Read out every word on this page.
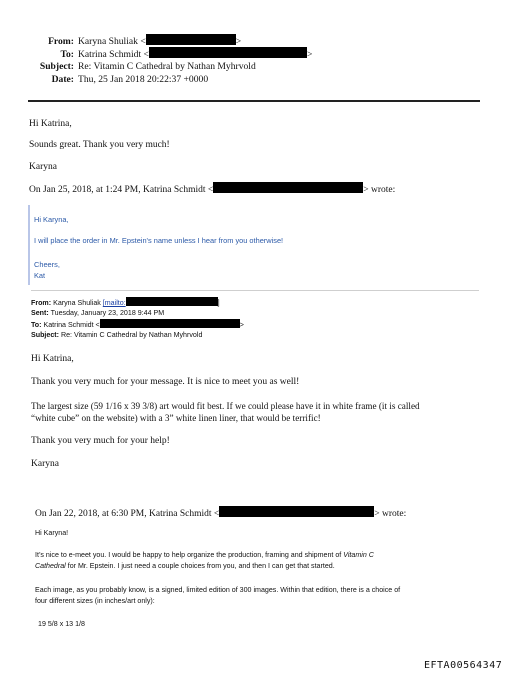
From: Karyna Shuliak <	>
To: Katrina Schmidt <	>
Subject: Re: Vitamin C Cathedral by Nathan Myhrvold
Date: Thu, 25 Jan 2018 20:22:37 +0000
Hi Katrina,
Sounds great. Thank you very much!
Karyna
On Jan 25, 2018, at 1:24 PM, Katrina Schmidt <	> wrote:
Hi Karyna,
I will place the order in Mr. Epstein's name unless I hear from you otherwise!
Cheers,
Kat
From: Karyna Shuliak [mailto:	]
Sent: Tuesday, January 23, 2018 9:44 PM
To: Katrina Schmidt <	>
Subject: Re: Vitamin C Cathedral by Nathan Myhrvold
Hi Katrina,
Thank you very much for your message. It is nice to meet you as well!
The largest size (59 1/16 x 39 3/8) art would fit best. If we could please have it in white frame (it is called
“white cube” on the website) with a 3” white linen liner, that would be terrific!
Thank you very much for your help!
Karyna
On Jan 22, 2018, at 6:30 PM, Katrina Schmidt <	> wrote:
Hi Karyna!
It’s nice to e-meet you. I would be happy to help organize the production, framing and shipment of Vitamin C
Cathedral for Mr. Epstein. I just need a couple choices from you, and then I can get that started.
Each image, as you probably know, is a signed, limited edition of 300 images. Within that edition, there is a choice of
four different sizes (in inches/art only):
19 5/8 x 13 1/8
EFTA00564347
